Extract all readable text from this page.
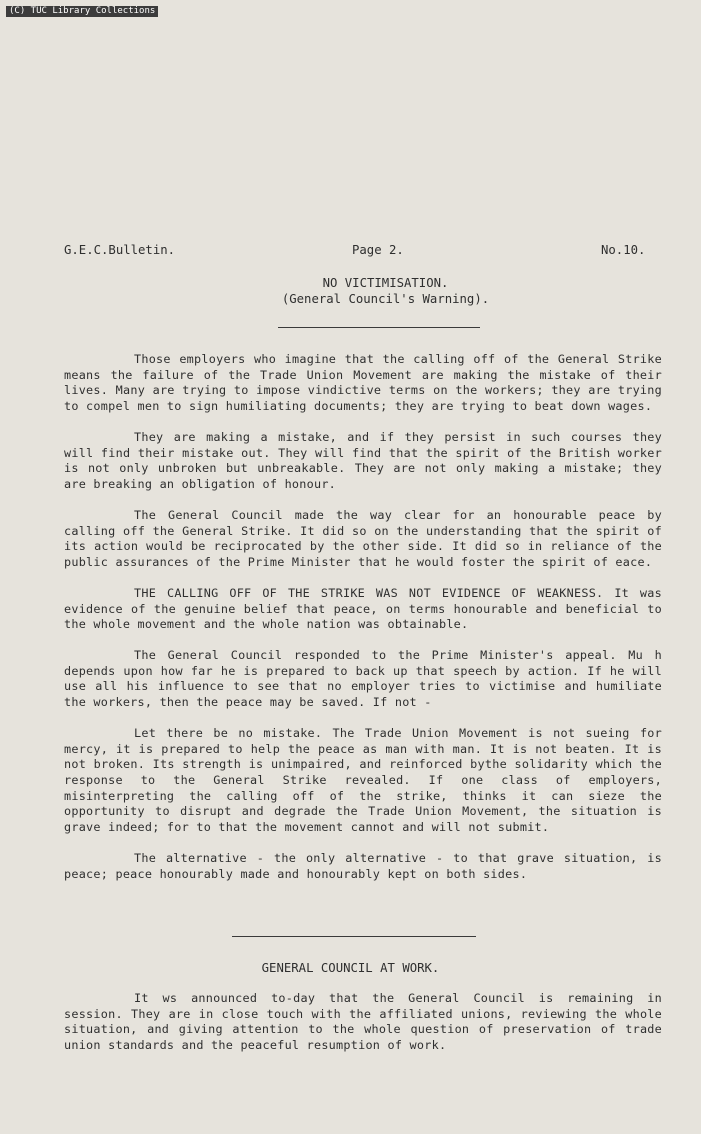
(C) TUC Library Collections
G.E.C.Bulletin.	Page 2.	No.10.
NO VICTIMISATION.
(General Council's Warning).

Those employers who imagine that the calling off of the General Strike means the failure of the Trade Union Movement are making the mistake of their lives. Many are trying to impose vindictive terms on the workers; they are trying to compel men to sign humiliating documents; they are trying to beat down wages.

They are making a mistake, and if they persist in such courses they will find their mistake out. They will find that the spirit of the British worker is not only unbroken but unbreakable. They are not only making a mistake; they are breaking an obligation of honour.

The General Council made the way clear for an honourable peace by calling off the General Strike. It did so on the understanding that the spirit of its action would be reciprocated by the other side. It did so in reliance of the public assurances of the Prime Minister that he would foster the spirit of eace.

THE CALLING OFF OF THE STRIKE WAS NOT EVIDENCE OF WEAKNESS. It was evidence of the genuine belief that peace, on terms honourable and beneficial to the whole movement and the whole nation was obtainable.

The General Council responded to the Prime Minister's appeal. Mu h depends upon how far he is prepared to back up that speech by action. If he will use all his influence to see that no employer tries to victimise and humiliate the workers, then the peace may be saved. If not -

Let there be no mistake. The Trade Union Movement is not sueing for mercy, it is prepared to help the peace as man with man. It is not beaten. It is not broken. Its strength is unimpaired, and reinforced bythe solidarity which the response to the General Strike revealed. If one class of employers, misinterpreting the calling off of the strike, thinks it can sieze the opportunity to disrupt and degrade the Trade Union Movement, the situation is grave indeed; for to that the movement cannot and will not submit.

The alternative - the only alternative - to that grave situation, is peace; peace honourably made and honourably kept on both sides.

GENERAL COUNCIL AT WORK.

It ws announced to-day that the General Council is remaining in session. They are in close touch with the affiliated unions, reviewing the whole situation, and giving attention to the whole question of preservation of trade union standards and the peaceful resumption of work.
